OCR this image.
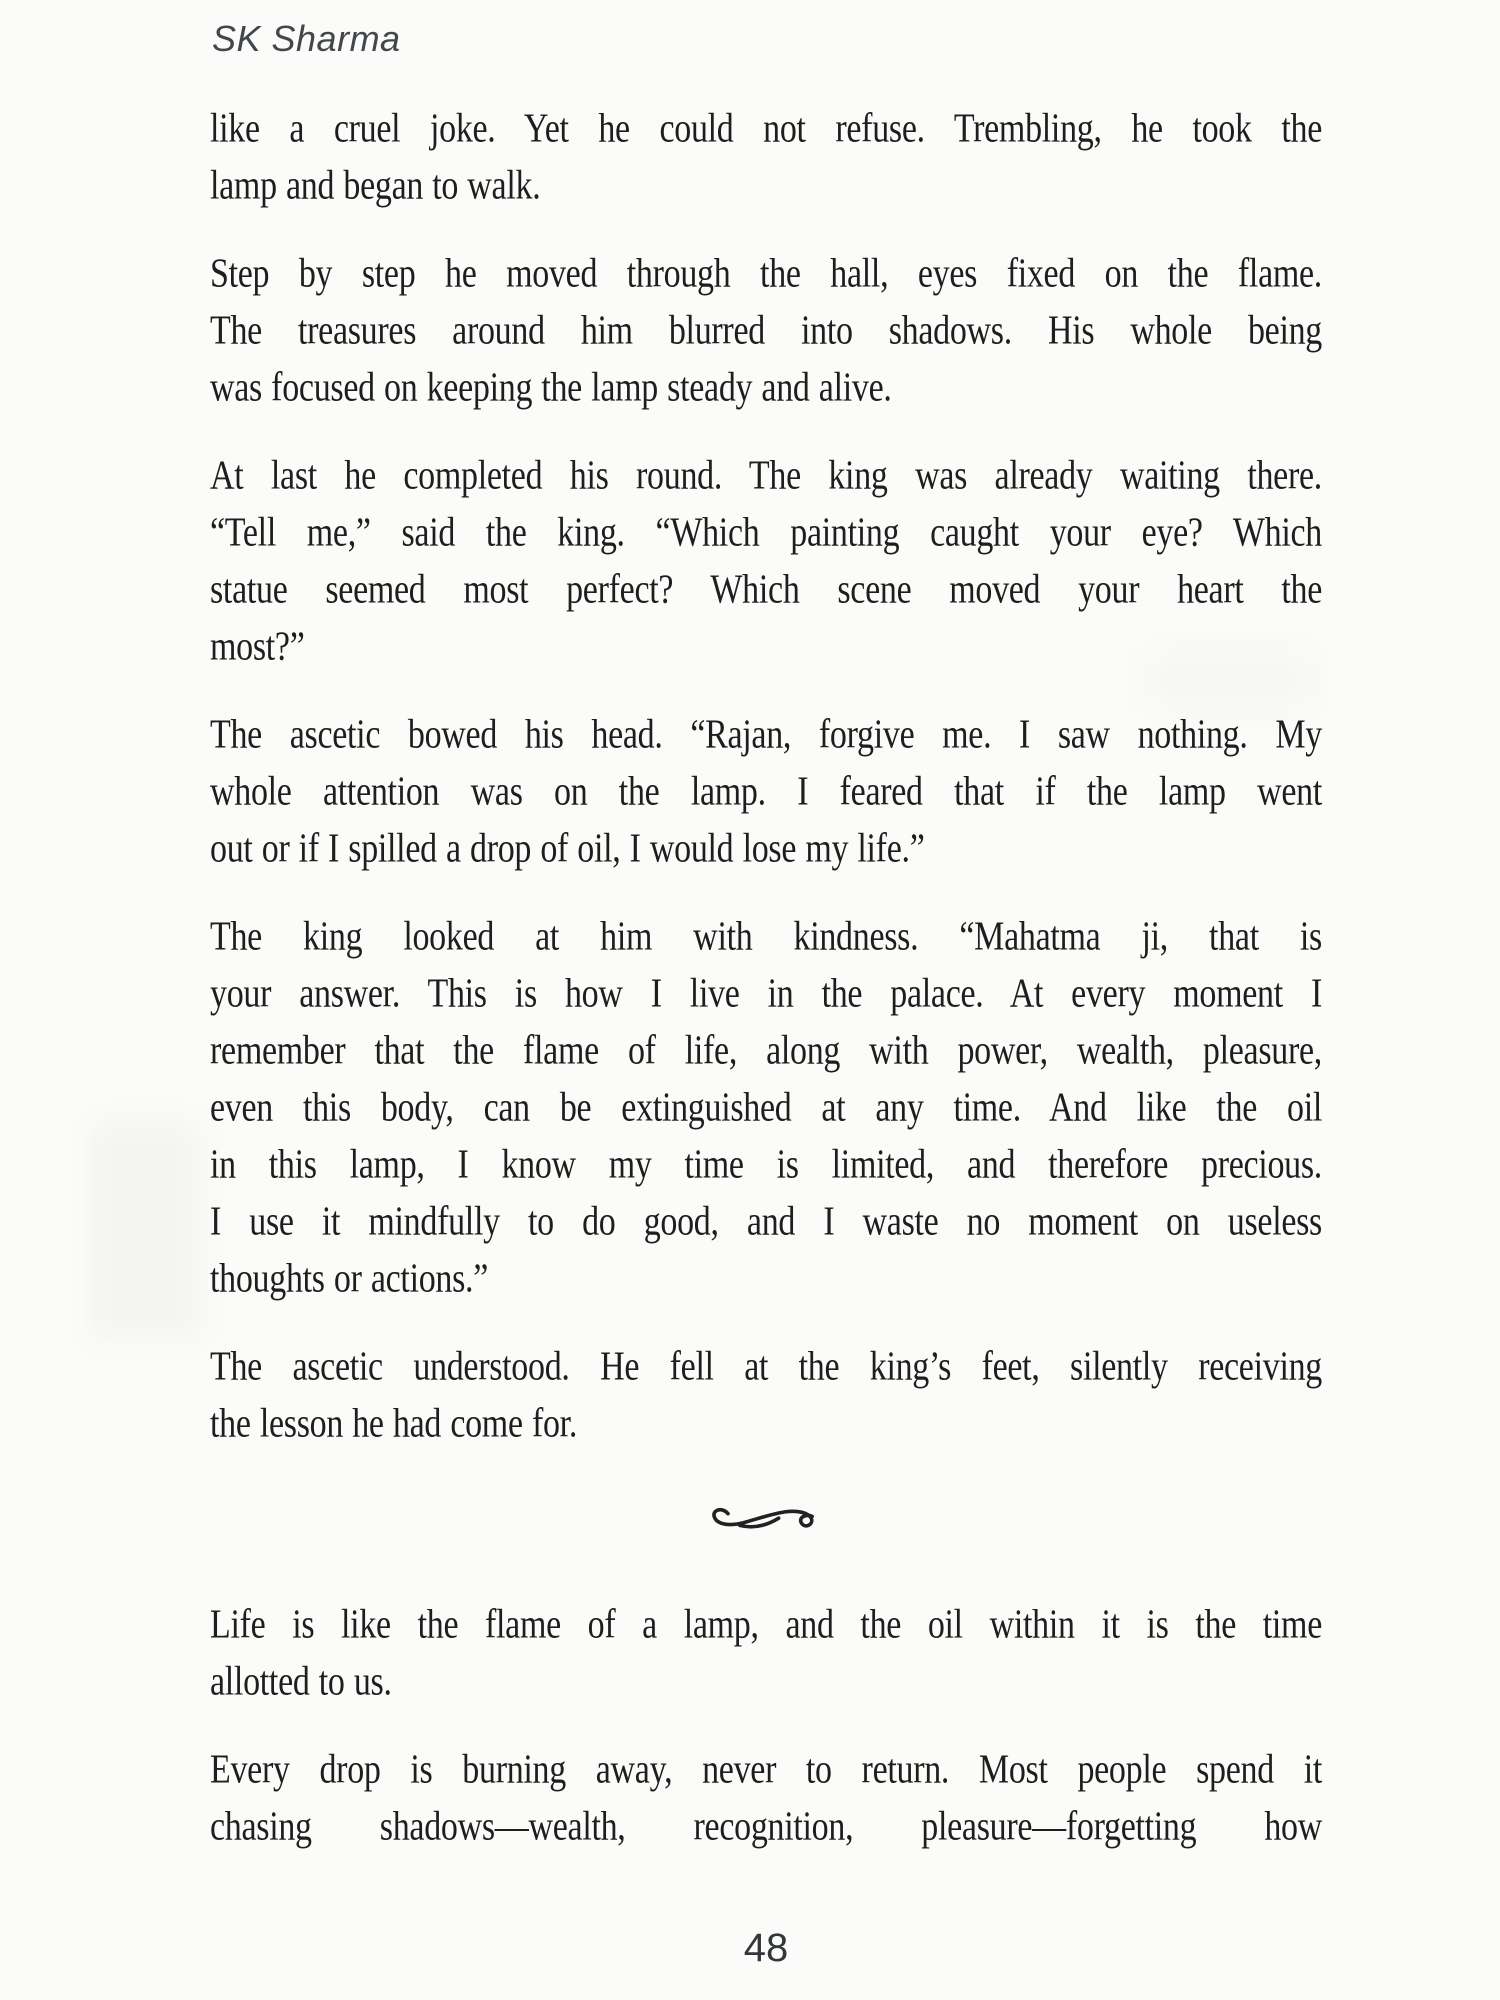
SK Sharma

like a cruel joke. Yet he could not refuse. Trembling, he took the
lamp and began to walk.

Step by step he moved through the hall, eyes fixed on the flame.
The treasures around him blurred into shadows. His whole being
was focused on keeping the lamp steady and alive.

At last he completed his round. The king was already waiting there.
“Tell me,” said the king. “Which painting caught your eye? Which
statue seemed most perfect? Which scene moved your heart the
most?”

The ascetic bowed his head. “Rajan, forgive me. I saw nothing. My
whole attention was on the lamp. I feared that if the lamp went
out or if I spilled a drop of oil, I would lose my life.”

The king looked at him with kindness. “Mahatma ji, that is
your answer. This is how I live in the palace. At every moment I
remember that the flame of life, along with power, wealth, pleasure,
even this body, can be extinguished at any time. And like the oil
in this lamp, I know my time is limited, and therefore precious.
I use it mindfully to do good, and I waste no moment on useless
thoughts or actions.”

The ascetic understood. He fell at the king’s feet, silently receiving
the lesson he had come for.

Life is like the flame of a lamp, and the oil within it is the time
allotted to us.

Every drop is burning away, never to return. Most people spend it
chasing shadows—wealth, recognition, pleasure—forgetting how

48
